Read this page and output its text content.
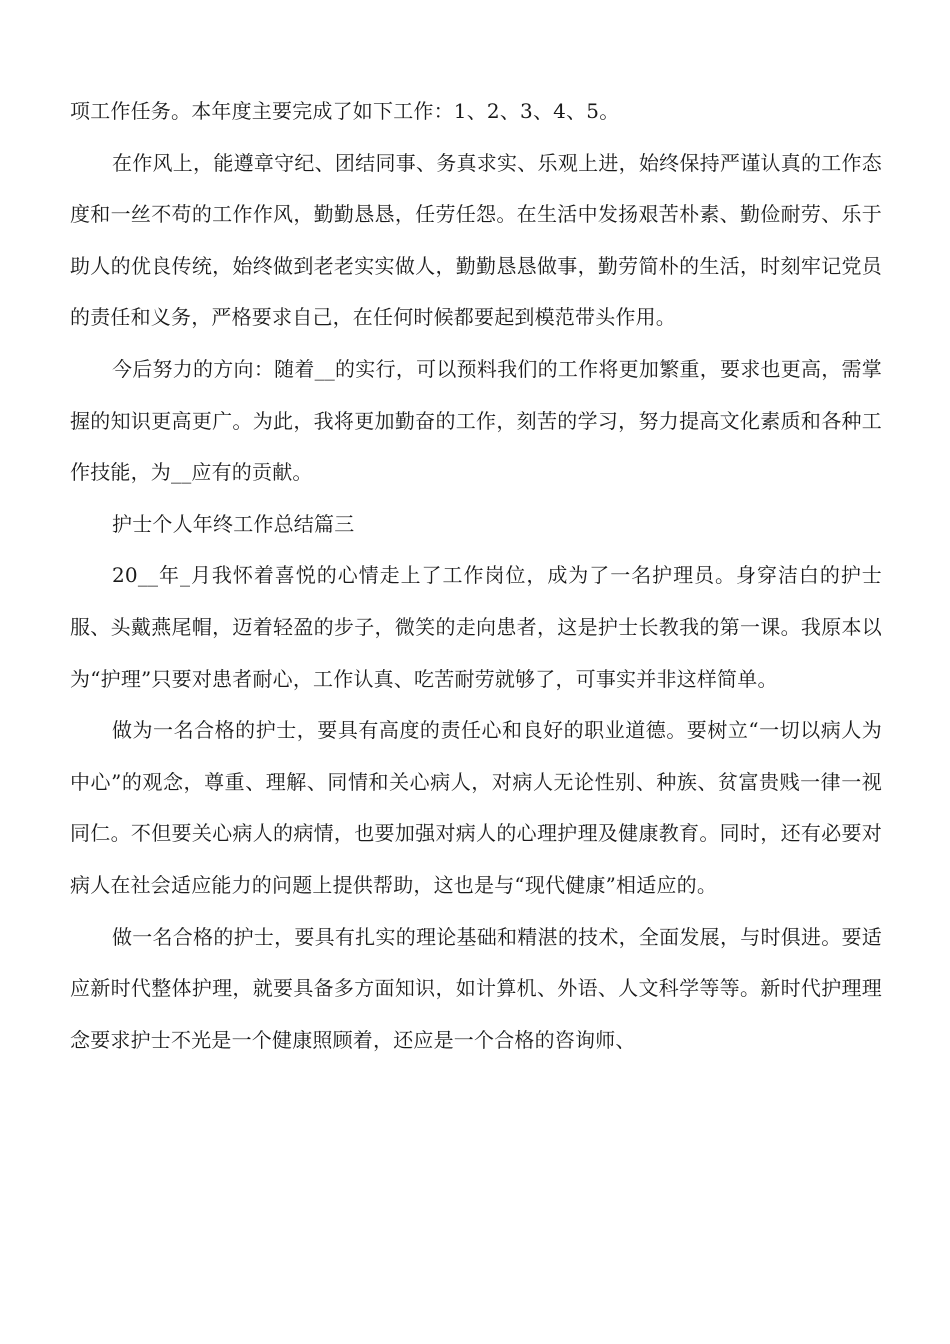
项工作任务。本年度主要完成了如下工作：1、2、3、4、5。

在作风上，能遵章守纪、团结同事、务真求实、乐观上进，始终保持严谨认真的工作态度和一丝不苟的工作作风，勤勤恳恳，任劳任怨。在生活中发扬艰苦朴素、勤俭耐劳、乐于助人的优良传统，始终做到老老实实做人，勤勤恳恳做事，勤劳简朴的生活，时刻牢记党员的责任和义务，严格要求自己，在任何时候都要起到模范带头作用。

今后努力的方向：随着__的实行，可以预料我们的工作将更加繁重，要求也更高，需掌握的知识更高更广。为此，我将更加勤奋的工作，刻苦的学习，努力提高文化素质和各种工作技能，为__应有的贡献。

护士个人年终工作总结篇三

20__年_月我怀着喜悦的心情走上了工作岗位，成为了一名护理员。身穿洁白的护士服、头戴燕尾帽，迈着轻盈的步子，微笑的走向患者，这是护士长教我的第一课。我原本以为“护理”只要对患者耐心，工作认真、吃苦耐劳就够了，可事实并非这样简单。

做为一名合格的护士，要具有高度的责任心和良好的职业道德。要树立“一切以病人为中心”的观念，尊重、理解、同情和关心病人，对病人无论性别、种族、贫富贵贱一律一视同仁。不但要关心病人的病情，也要加强对病人的心理护理及健康教育。同时，还有必要对病人在社会适应能力的问题上提供帮助，这也是与“现代健康”相适应的。

做一名合格的护士，要具有扎实的理论基础和精湛的技术，全面发展，与时俱进。要适应新时代整体护理，就要具备多方面知识，如计算机、外语、人文科学等等。新时代护理理念要求护士不光是一个健康照顾着，还应是一个合格的咨询师、
